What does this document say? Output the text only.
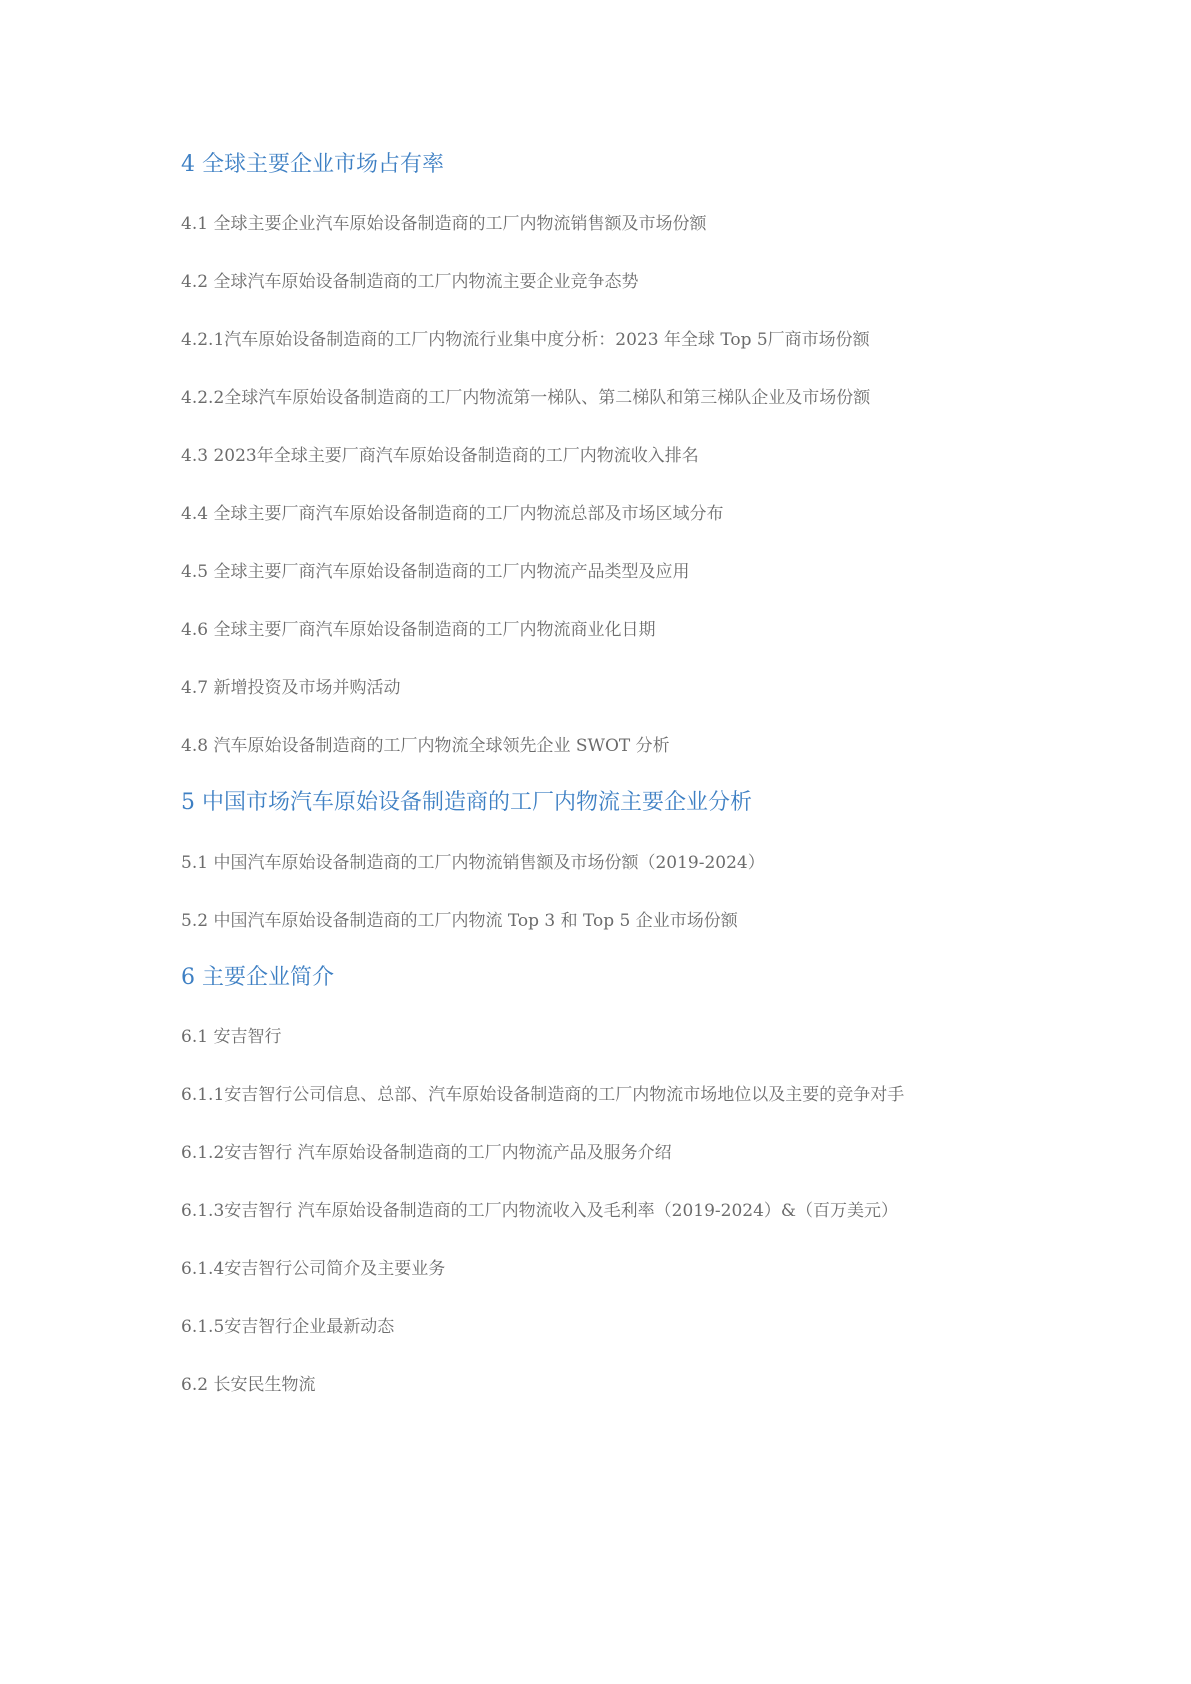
4 全球主要企业市场占有率
4.1 全球主要企业汽车原始设备制造商的工厂内物流销售额及市场份额
4.2 全球汽车原始设备制造商的工厂内物流主要企业竞争态势
4.2.1汽车原始设备制造商的工厂内物流行业集中度分析：2023 年全球 Top 5厂商市场份额
4.2.2全球汽车原始设备制造商的工厂内物流第一梯队、第二梯队和第三梯队企业及市场份额
4.3 2023年全球主要厂商汽车原始设备制造商的工厂内物流收入排名
4.4 全球主要厂商汽车原始设备制造商的工厂内物流总部及市场区域分布
4.5 全球主要厂商汽车原始设备制造商的工厂内物流产品类型及应用
4.6 全球主要厂商汽车原始设备制造商的工厂内物流商业化日期
4.7 新增投资及市场并购活动
4.8 汽车原始设备制造商的工厂内物流全球领先企业 SWOT 分析
5 中国市场汽车原始设备制造商的工厂内物流主要企业分析
5.1 中国汽车原始设备制造商的工厂内物流销售额及市场份额（2019-2024）
5.2 中国汽车原始设备制造商的工厂内物流 Top 3 和 Top 5 企业市场份额
6 主要企业简介
6.1 安吉智行
6.1.1安吉智行公司信息、总部、汽车原始设备制造商的工厂内物流市场地位以及主要的竞争对手
6.1.2安吉智行 汽车原始设备制造商的工厂内物流产品及服务介绍
6.1.3安吉智行 汽车原始设备制造商的工厂内物流收入及毛利率（2019-2024）&（百万美元）
6.1.4安吉智行公司简介及主要业务
6.1.5安吉智行企业最新动态
6.2 长安民生物流
